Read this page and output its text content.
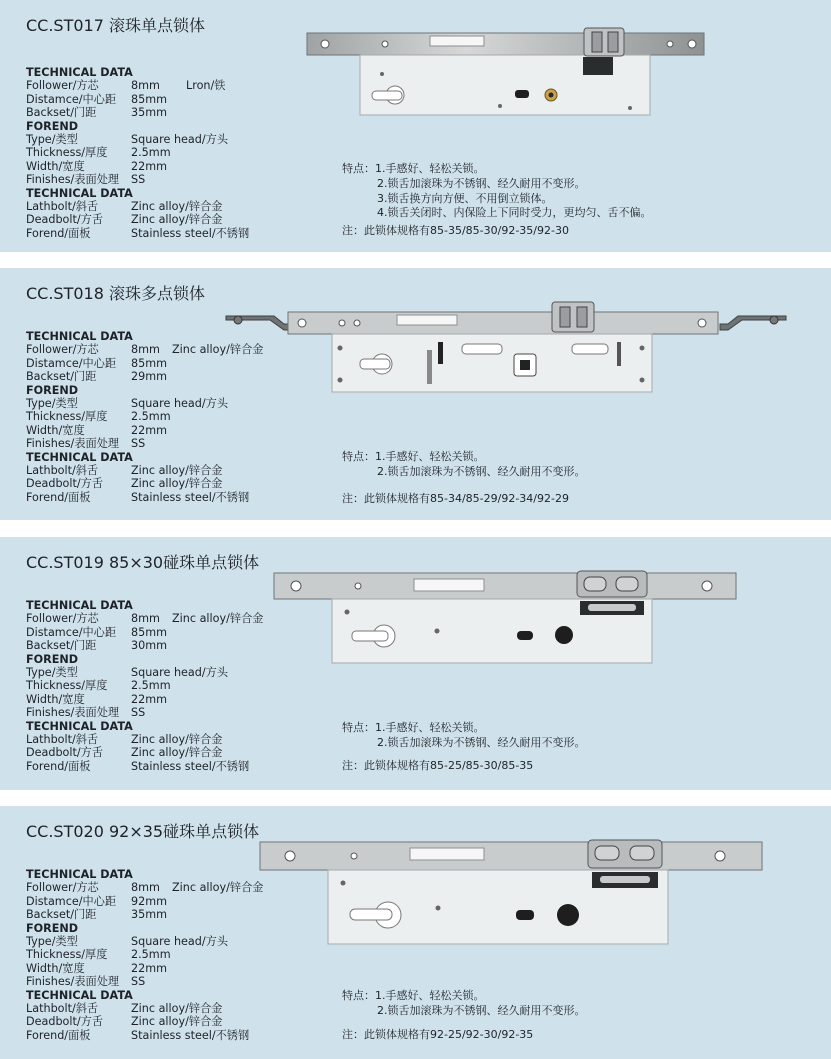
CC.ST017 滚珠单点锁体
TECHNICAL DATA
Follower/方芯	8mm Lron/铁
Distamce/中心距 85mm
Backset/门距	35mm
FOREND
Type/类型	Square head/方头
Thickness/厚度 2.5mm
Width/宽度	22mm
Finishes/表面处理 SS
TECHNICAL DATA
Lathbolt/斜舌	Zinc alloy/锌合金
Deadbolt/方舌 Zinc alloy/锌合金
Forend/面板	Stainless steel/不锈钢
特点：1.手感好、轻松关锁。
2.锁舌加滚珠为不锈钢、经久耐用不变形。
3.锁舌换方向方便、不用倒立锁体。
4.锁舌关闭时、内保险上下同时受力，更均匀、舌不偏。
注：此锁体规格有85-35/85-30/92-35/92-30
CC.ST018 滚珠多点锁体
TECHNICAL DATA
Follower/方芯	8mm Zinc alloy/锌合金
Distamce/中心距 85mm
Backset/门距	29mm
FOREND
Type/类型	Square head/方头
Thickness/厚度 2.5mm
Width/宽度	22mm
Finishes/表面处理 SS
TECHNICAL DATA
Lathbolt/斜舌	Zinc alloy/锌合金
Deadbolt/方舌 Zinc alloy/锌合金
Forend/面板	Stainless steel/不锈钢
特点：1.手感好、轻松关锁。
2.锁舌加滚珠为不锈钢、经久耐用不变形。
注：此锁体规格有85-34/85-29/92-34/92-29
CC.ST019 85×30碰珠单点锁体
TECHNICAL DATA
Follower/方芯	8mm Zinc alloy/锌合金
Distamce/中心距 85mm
Backset/门距	30mm
FOREND
Type/类型	Square head/方头
Thickness/厚度 2.5mm
Width/宽度	22mm
Finishes/表面处理 SS
TECHNICAL DATA
Lathbolt/斜舌	Zinc alloy/锌合金
Deadbolt/方舌 Zinc alloy/锌合金
Forend/面板	Stainless steel/不锈钢
特点：1.手感好、轻松关锁。
2.锁舌加滚珠为不锈钢、经久耐用不变形。
注：此锁体规格有85-25/85-30/85-35
CC.ST020 92×35碰珠单点锁体
TECHNICAL DATA
Follower/方芯	8mm Zinc alloy/锌合金
Distamce/中心距 92mm
Backset/门距	35mm
FOREND
Type/类型	Square head/方头
Thickness/厚度 2.5mm
Width/宽度	22mm
Finishes/表面处理 SS
TECHNICAL DATA
Lathbolt/斜舌	Zinc alloy/锌合金
Deadbolt/方舌 Zinc alloy/锌合金
Forend/面板	Stainless steel/不锈钢
特点：1.手感好、轻松关锁。
2.锁舌加滚珠为不锈钢、经久耐用不变形。
注：此锁体规格有92-25/92-30/92-35
